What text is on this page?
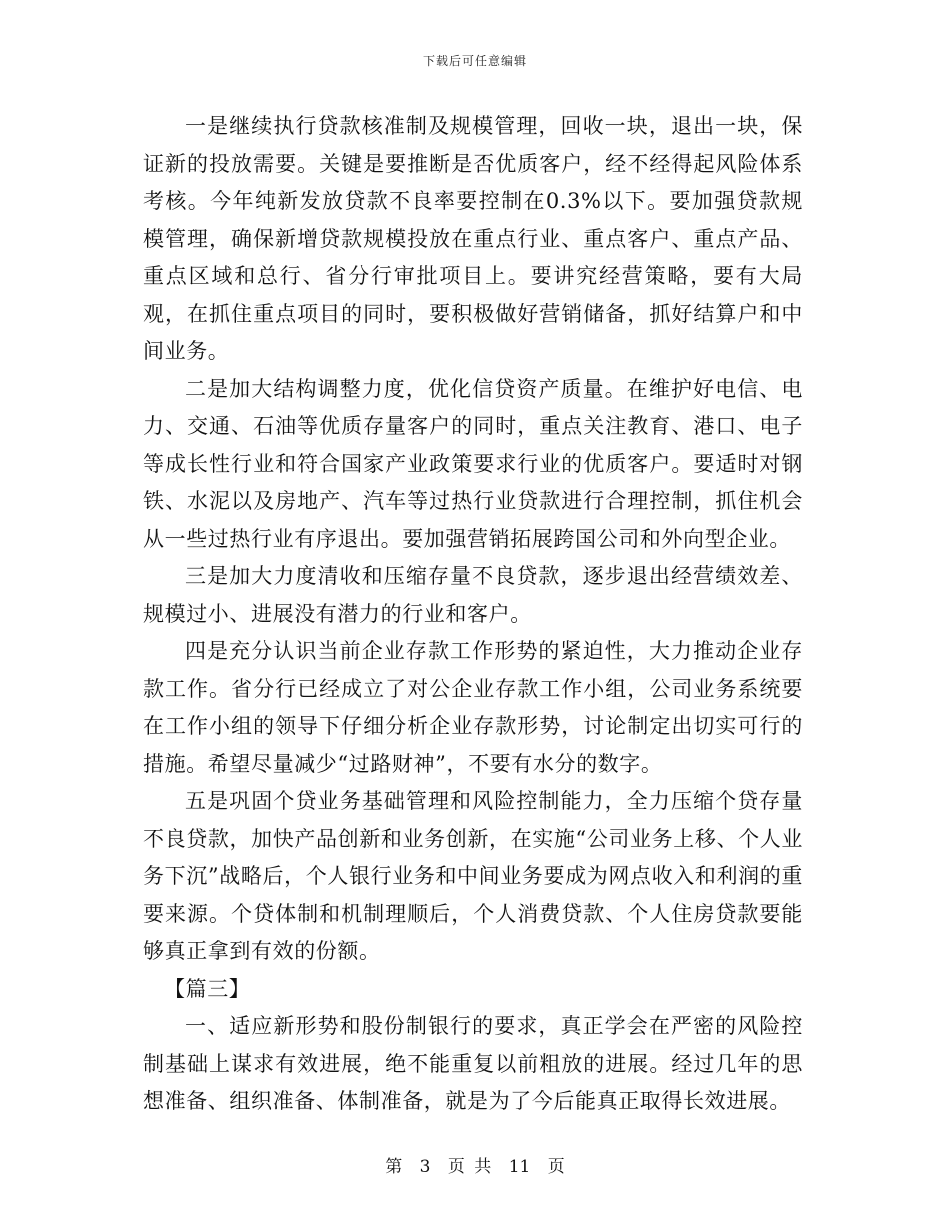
下载后可任意编辑

一是继续执行贷款核准制及规模管理，回收一块，退出一块，保证新的投放需要。关键是要推断是否优质客户，经不经得起风险体系考核。今年纯新发放贷款不良率要控制在0.3%以下。要加强贷款规模管理，确保新增贷款规模投放在重点行业、重点客户、重点产品、重点区域和总行、省分行审批项目上。要讲究经营策略，要有大局观，在抓住重点项目的同时，要积极做好营销储备，抓好结算户和中间业务。

二是加大结构调整力度，优化信贷资产质量。在维护好电信、电力、交通、石油等优质存量客户的同时，重点关注教育、港口、电子等成长性行业和符合国家产业政策要求行业的优质客户。要适时对钢铁、水泥以及房地产、汽车等过热行业贷款进行合理控制，抓住机会从一些过热行业有序退出。要加强营销拓展跨国公司和外向型企业。

三是加大力度清收和压缩存量不良贷款，逐步退出经营绩效差、规模过小、进展没有潜力的行业和客户。

四是充分认识当前企业存款工作形势的紧迫性，大力推动企业存款工作。省分行已经成立了对公企业存款工作小组，公司业务系统要在工作小组的领导下仔细分析企业存款形势，讨论制定出切实可行的措施。希望尽量减少“过路财神”，不要有水分的数字。

五是巩固个贷业务基础管理和风险控制能力，全力压缩个贷存量不良贷款，加快产品创新和业务创新，在实施“公司业务上移、个人业务下沉”战略后，个人银行业务和中间业务要成为网点收入和利润的重要来源。个贷体制和机制理顺后，个人消费贷款、个人住房贷款要能够真正拿到有效的份额。

【篇三】

一、适应新形势和股份制银行的要求，真正学会在严密的风险控制基础上谋求有效进展，绝不能重复以前粗放的进展。经过几年的思想准备、组织准备、体制准备，就是为了今后能真正取得长效进展。

第 3 页 共 11 页
